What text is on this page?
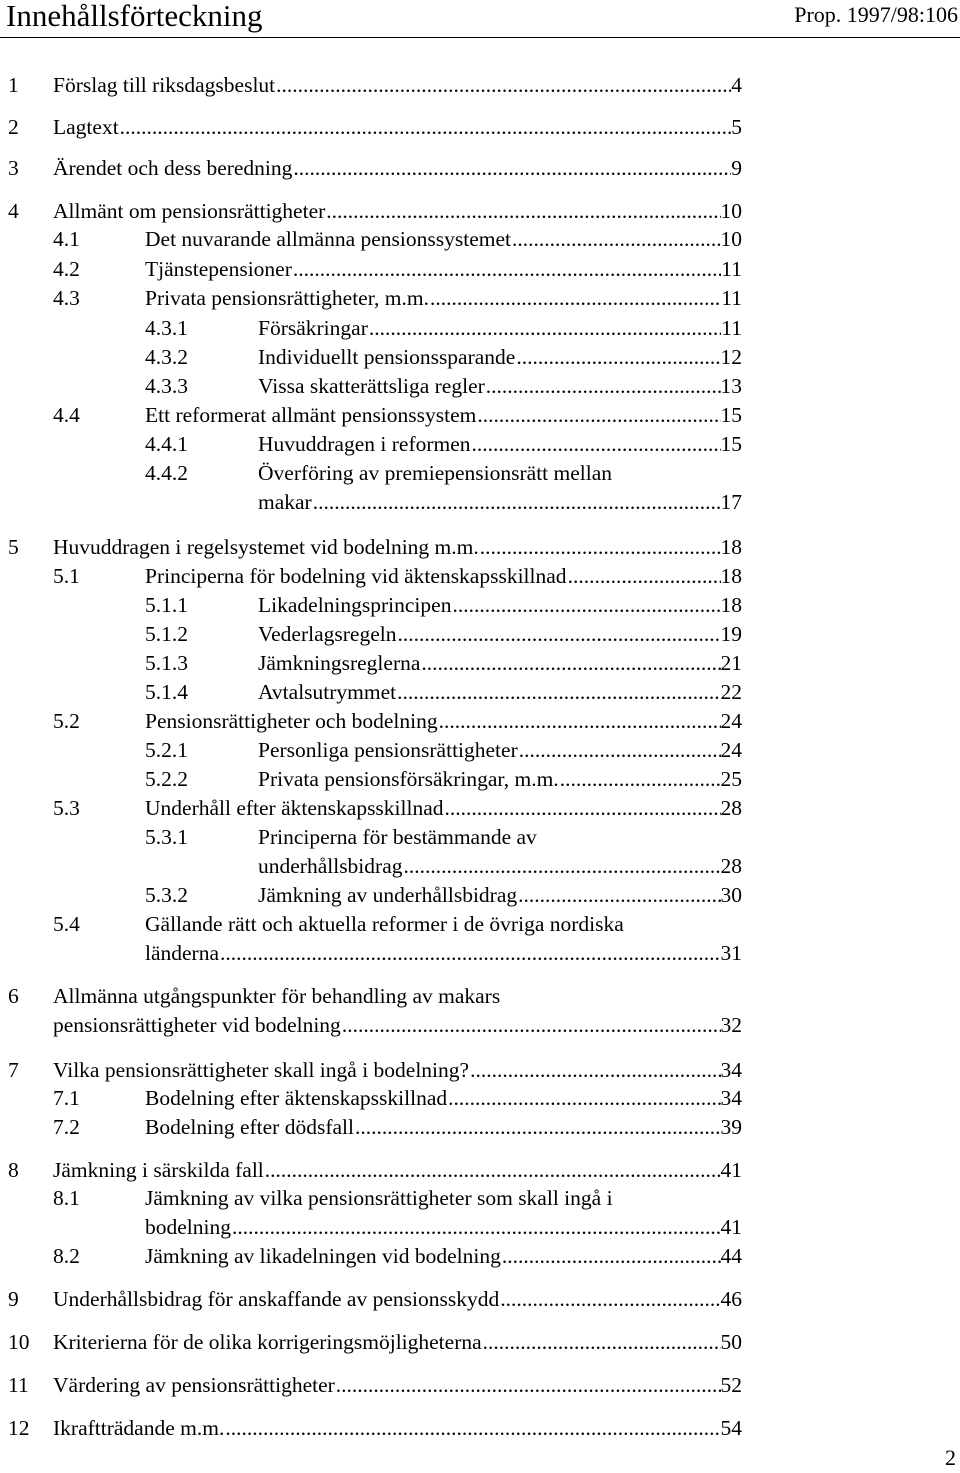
Innehållsförteckning	Prop. 1997/98:106
1 Förslag till riksdagsbeslut .....	4
2 Lagtext .....	5
3 Ärendet och dess beredning .....	9
4 Allmänt om pensionsrättigheter .....	10
4.1	Det nuvarande allmänna pensionssystemet .....	10
4.2	Tjänstepensioner .....	11
4.3	Privata pensionsrättigheter, m.m. .....	11
4.3.1	Försäkringar .....	11
4.3.2	Individuellt pensionssparande .....	12
4.3.3	Vissa skatterättsliga regler .....	13
4.4	Ett reformerat allmänt pensionssystem .....	15
4.4.1	Huvuddragen i reformen .....	15
4.4.2	Överföring av premiepensionsrätt mellan
makar .....	17
5 Huvuddragen i regelsystemet vid bodelning m.m. .....	18
5.1	Principerna för bodelning vid äktenskapsskillnad .....	18
5.1.1	Likadelningsprincipen .....	18
5.1.2	Vederlagsregeln .....	19
5.1.3	Jämkningsreglerna .....	21
5.1.4	Avtalsutrymmet .....	22
5.2	Pensionsrättigheter och bodelning .....	24
5.2.1	Personliga pensionsrättigheter .....	24
5.2.2	Privata pensionsförsäkringar, m.m. .....	25
5.3	Underhåll efter äktenskapsskillnad .....	28
5.3.1	Principerna för bestämmande av
underhållsbidrag .....	28
5.3.2	Jämkning av underhållsbidrag .....	30
5.4	Gällande rätt och aktuella reformer i de övriga nordiska
länderna .....	31
6 Allmänna utgångspunkter för behandling av makars
pensionsrättigheter vid bodelning .....	32
7 Vilka pensionsrättigheter skall ingå i bodelning? .....	34
7.1	Bodelning efter äktenskapsskillnad .....	34
7.2	Bodelning efter dödsfall .....	39
8 Jämkning i särskilda fall .....	41
8.1	Jämkning av vilka pensionsrättigheter som skall ingå i
bodelning .....	41
8.2	Jämkning av likadelningen vid bodelning .....	44
9 Underhållsbidrag för anskaffande av pensionsskydd .....	46
10 Kriterierna för de olika korrigeringsmöjligheterna .....	50
11 Värdering av pensionsrättigheter .....	52
12 Ikraftträdande m.m. .....	54
2
